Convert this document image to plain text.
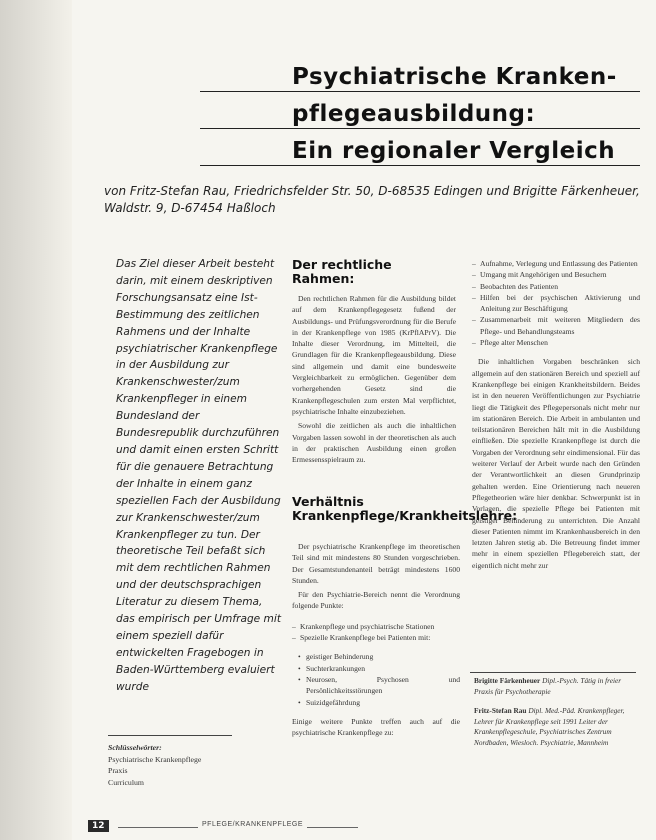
Psychiatrische Kranken-
pflegeausbildung:
Ein regionaler Vergleich
von Fritz-Stefan Rau, Friedrichsfelder Str. 50, D-68535 Edingen und Brigitte Färkenheuer, Waldstr. 9, D-67454 Haßloch
Das Ziel dieser Arbeit besteht darin, mit einem deskriptiven Forschungsansatz eine Ist-Bestimmung des zeitlichen Rahmens und der Inhalte psychiatrischer Krankenpflege in der Ausbildung zur Krankenschwester/zum Krankenpfleger in einem Bundesland der Bundesrepublik durchzuführen und damit einen ersten Schritt für die genauere Betrachtung der Inhalte in einem ganz speziellen Fach der Ausbildung zur Krankenschwester/zum Krankenpfleger zu tun. Der theoretische Teil befaßt sich mit dem rechtlichen Rahmen und der deutschsprachigen Literatur zu diesem Thema, das empirisch per Umfrage mit einem speziell dafür entwickelten Fragebogen in Baden-Württemberg evaluiert wurde
Der rechtliche Rahmen:

Den rechtlichen Rahmen für die Ausbildung bildet auf dem Krankenpflegegesetz fußend der Ausbildungs- und Prüfungsverordnung für die Berufe in der Krankenpflege von 1985 (KrPflAPrV). Die Inhalte dieser Verordnung, im Mittelteil, die Grundlagen für die Krankenpflegeausbildung. Diese sind allgemein und damit eine bundesweite Vergleichbarkeit zu ermöglichen. Gegenüber dem vorhergehenden Gesetz sind die Krankenpflegeschulen zum ersten Mal verpflichtet, psychiatrische Inhalte einzubeziehen.

Sowohl die zeitlichen als auch die inhaltlichen Vorgaben lassen sowohl in der theoretischen als auch in der praktischen Ausbildung einen großen Ermessensspielraum zu.

Verhältnis Krankenpflege/Krankheitslehre:

Der psychiatrische Krankenpflege im theoretischen Teil sind mit mindestens 80 Stunden vorgeschrieben. Der Gesamtstundenanteil beträgt mindestens 1600 Stunden.

Für den Psychiatrie-Bereich nennt die Verordnung folgende Punkte:

– Krankenpflege und psychiatrische Stationen
– Spezielle Krankenpflege bei Patienten mit:
• geistiger Behinderung
• Suchterkrankungen
• Neurosen, Psychosen und Persönlichkeitsstörungen
• Suizidgefährdung

Einige weitere Punkte treffen auch auf die psychiatrische Krankenpflege zu:

– Aufnahme, Verlegung und Entlassung des Patienten
– Umgang mit Angehörigen und Besuchern
– Beobachten des Patienten
– Hilfen bei der psychischen Aktivierung und Anleitung zur Beschäftigung
– Zusammenarbeit mit weiteren Mitgliedern des Pflege- und Behandlungsteams
– Pflege alter Menschen

Die inhaltlichen Vorgaben beschränken sich allgemein auf den stationären Bereich und speziell auf Krankenpflege bei einigen Krankheitsbildern. Beides ist in den neueren Veröffentlichungen zur Psychiatrie liegt die Tätigkeit des Pflegepersonals nicht mehr nur im stationären Bereich. Die Arbeit in ambulanten und teilstationären Bereichen hält mit in die Ausbildung einfließen. Die spezielle Krankenpflege ist durch die Vorgaben der Verordnung sehr eindimensional. Für das weiterer Verlauf der Arbeit wurde nach den Gründen der Verantwortlichkeit an diesen Grundprinzip gehalten werden. Eine Orientierung nach neueren Pflegetheorien wäre hier denkbar. Schwerpunkt ist in Vorlagen, die spezielle Pflege bei Patienten mit geistiger Behinderung zu unterrichten. Die Anzahl dieser Patienten nimmt im Krankenhausbereich in den letzten Jahren stetig ab. Die Betreuung findet immer mehr in einem speziellen Pflegebereich statt, der eigentlich nicht mehr zur

Brigitte Färkenheuer Dipl.-Psych. Tätig in freier Praxis für Psychotherapie
Fritz-Stefan Rau Dipl. Med.-Päd. Krankenpfleger, Lehrer für Krankenpflege seit 1991 Leiter der Krankenpflegeschule, Psychiatrisches Zentrum Nordbaden, Wiesloch. Psychiatrie, Mannheim
Schlüsselwörter:
Psychiatrische Krankenpflege
Praxis
Curriculum
12	PFLEGE/KRANKENPFLEGE
